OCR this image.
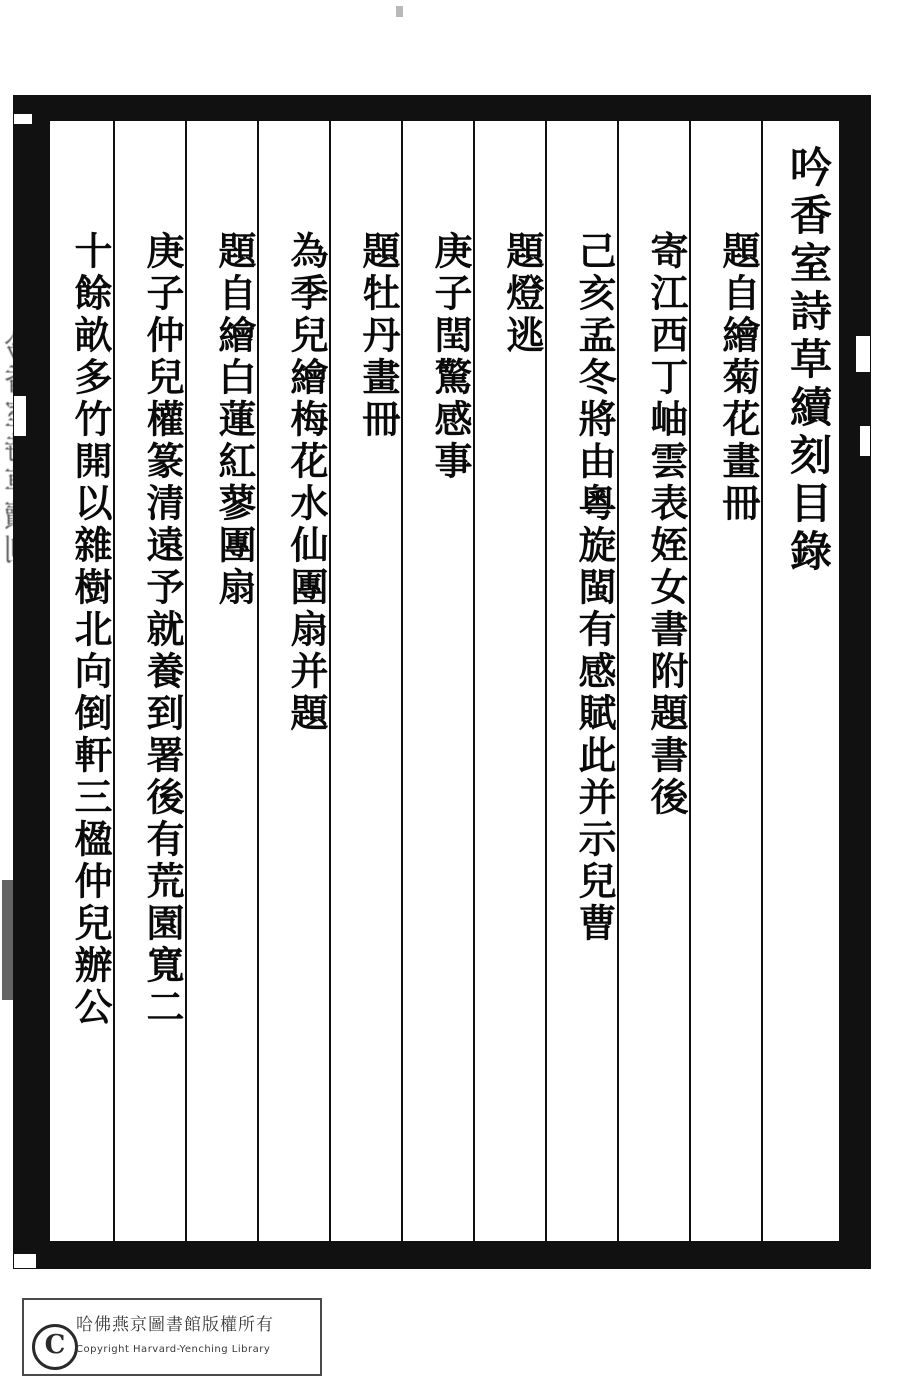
吟香室詩草續刻目錄
題自繪菊花畫冊
寄江西丁岫雲表姪女書附題書後
己亥孟冬將由粵旋閩有感賦此并示兒曹
題燈逃
庚子閏驚感事
題牡丹畫冊
為季兒繪梅花水仙團扇并題
題自繪白蓮紅蓼團扇
庚子仲兒權篆清遠予就養到署後有荒園寬二
十餘畝多竹開以雜樹北向倒軒三楹仲兒辦公
C
哈佛燕京圖書館版權所有
Copyright Harvard-Yenching Library
